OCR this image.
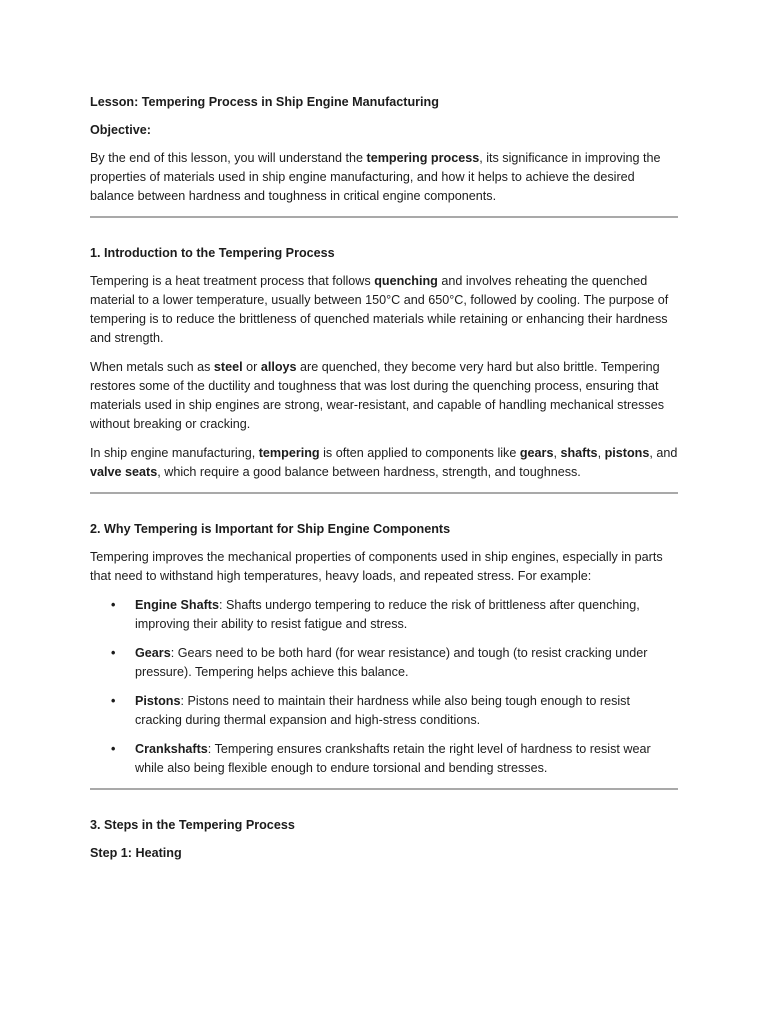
Lesson: Tempering Process in Ship Engine Manufacturing
Objective:

By the end of this lesson, you will understand the tempering process, its significance in improving the properties of materials used in ship engine manufacturing, and how it helps to achieve the desired balance between hardness and toughness in critical engine components.

1. Introduction to the Tempering Process

Tempering is a heat treatment process that follows quenching and involves reheating the quenched material to a lower temperature, usually between 150°C and 650°C, followed by cooling. The purpose of tempering is to reduce the brittleness of quenched materials while retaining or enhancing their hardness and strength.

When metals such as steel or alloys are quenched, they become very hard but also brittle. Tempering restores some of the ductility and toughness that was lost during the quenching process, ensuring that materials used in ship engines are strong, wear-resistant, and capable of handling mechanical stresses without breaking or cracking.

In ship engine manufacturing, tempering is often applied to components like gears, shafts, pistons, and valve seats, which require a good balance between hardness, strength, and toughness.

2. Why Tempering is Important for Ship Engine Components

Tempering improves the mechanical properties of components used in ship engines, especially in parts that need to withstand high temperatures, heavy loads, and repeated stress. For example:

• Engine Shafts: Shafts undergo tempering to reduce the risk of brittleness after quenching, improving their ability to resist fatigue and stress.
• Gears: Gears need to be both hard (for wear resistance) and tough (to resist cracking under pressure). Tempering helps achieve this balance.
• Pistons: Pistons need to maintain their hardness while also being tough enough to resist cracking during thermal expansion and high-stress conditions.
• Crankshafts: Tempering ensures crankshafts retain the right level of hardness to resist wear while also being flexible enough to endure torsional and bending stresses.
3. Steps in the Tempering Process
Step 1: Heating
